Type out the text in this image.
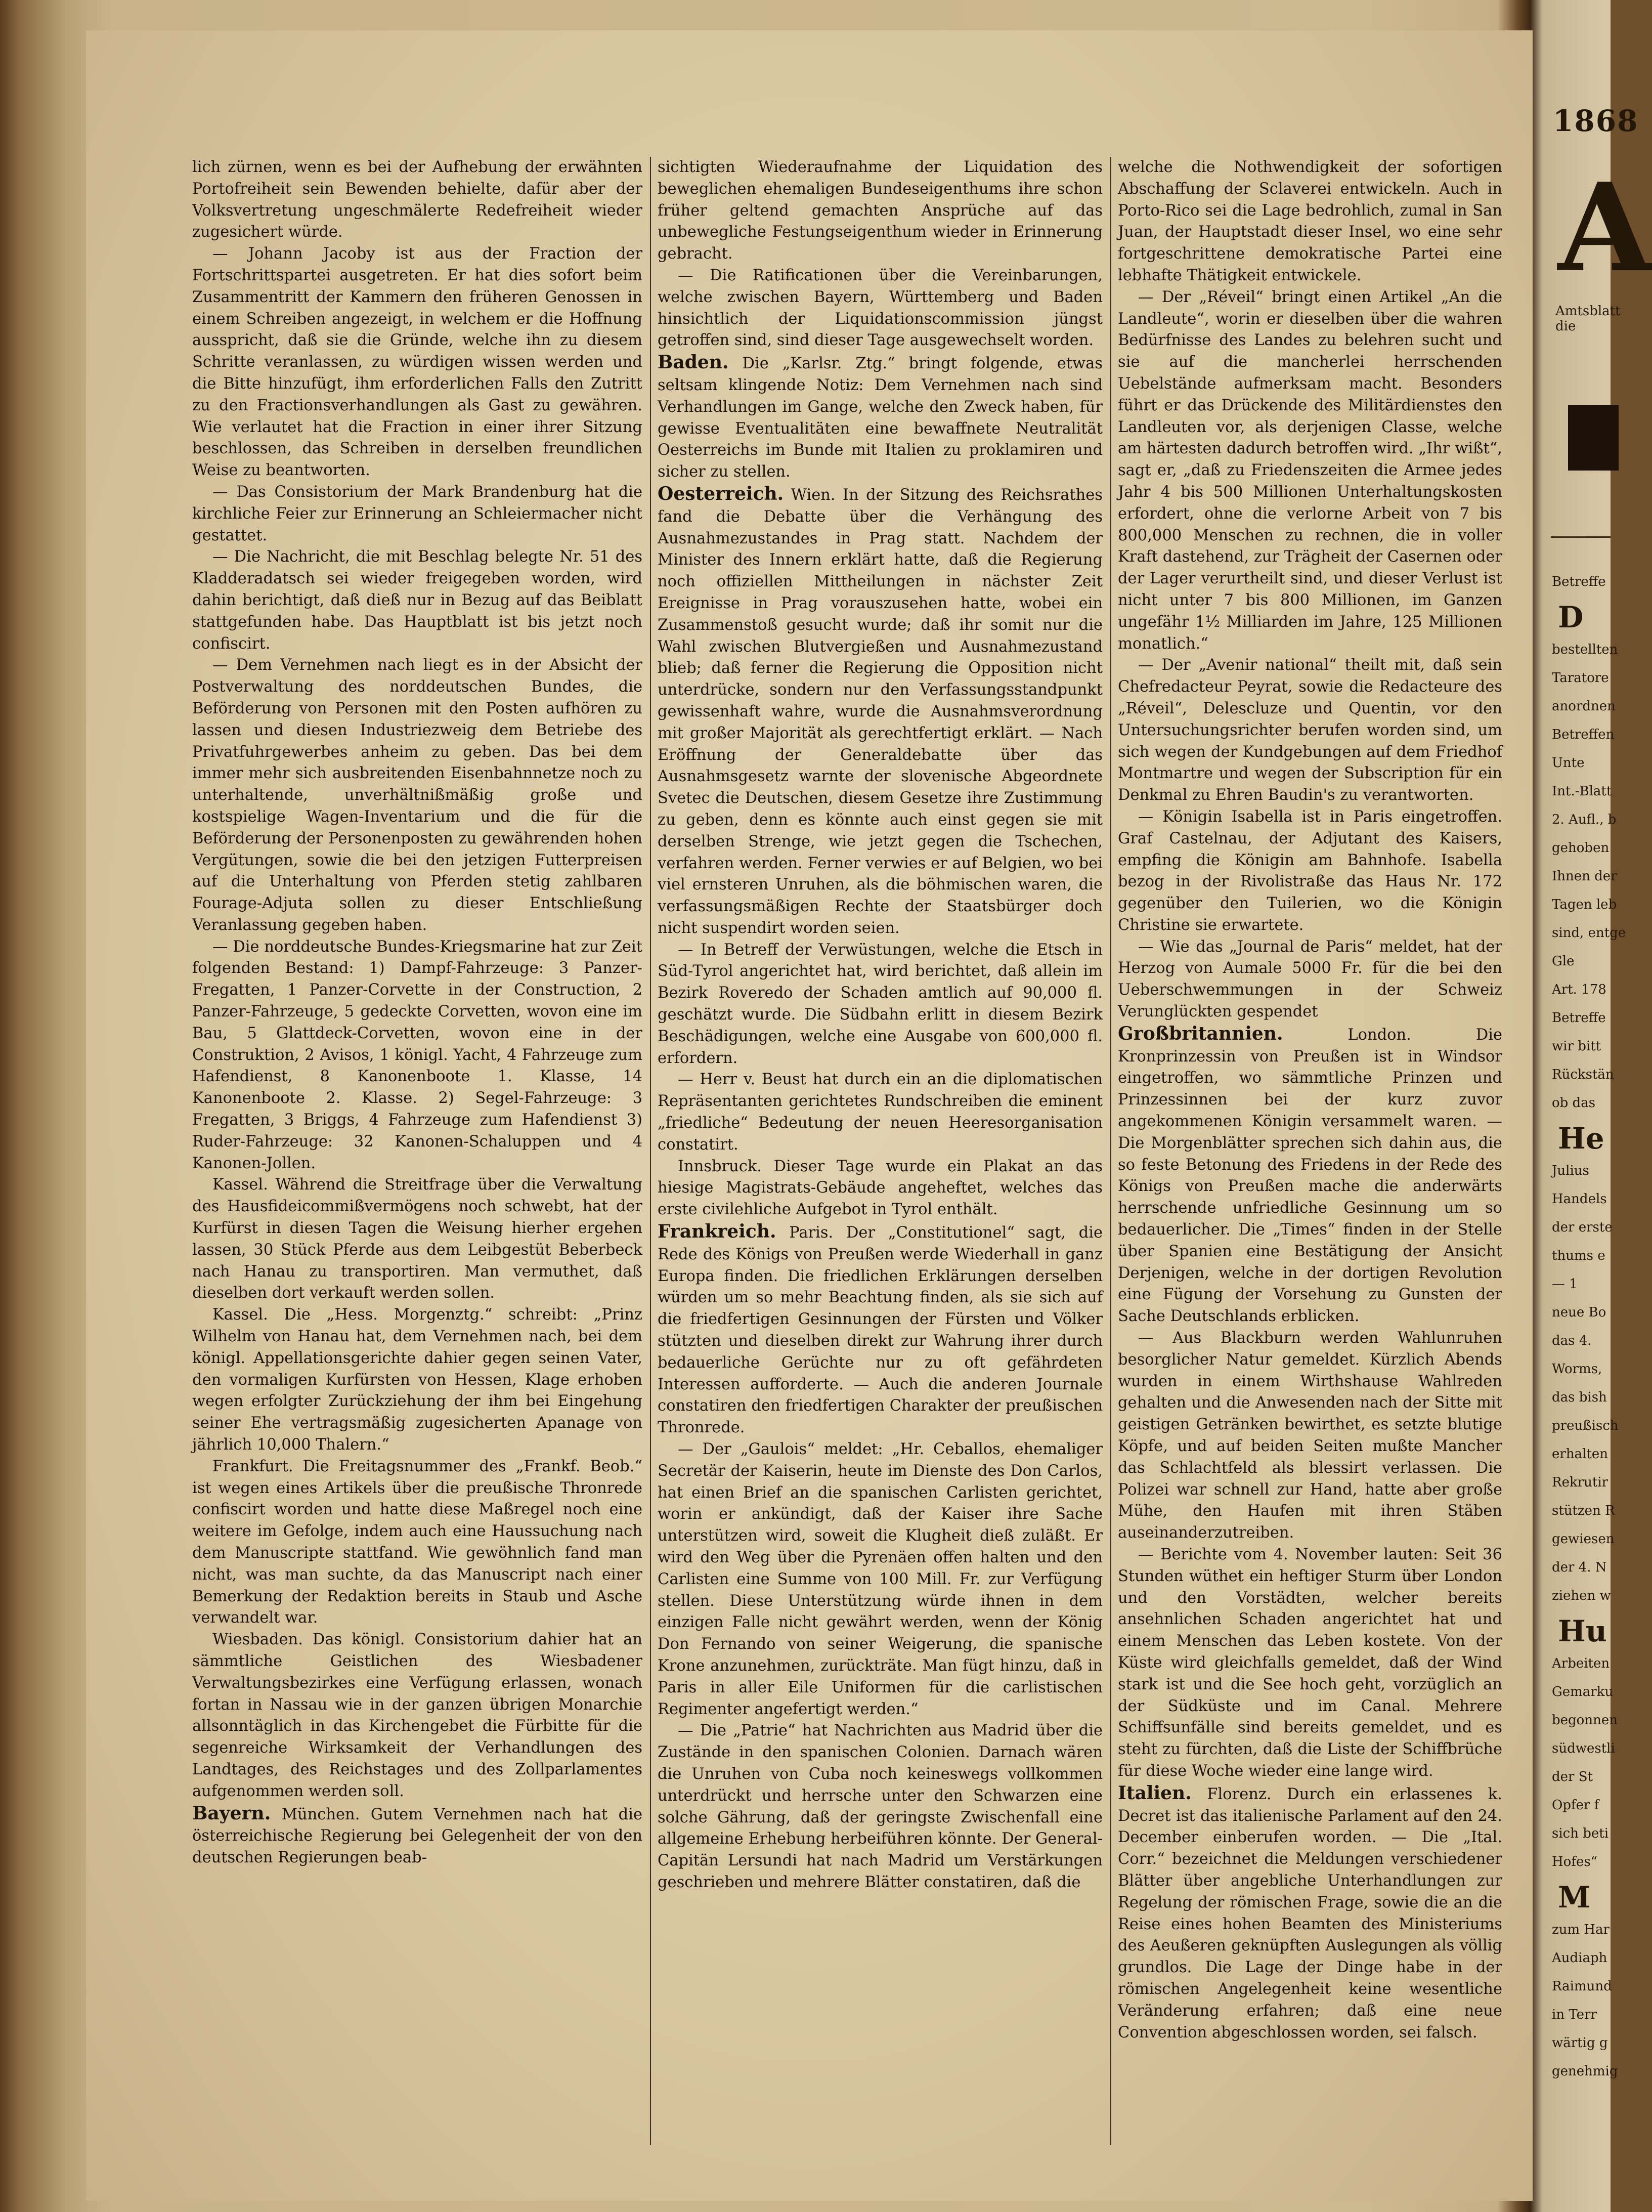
lich zürnen, wenn es bei der Aufhebung der erwähnten Portofreiheit sein Bewenden behielte, dafür aber der Volksvertretung ungeschmälerte Redefreiheit wieder zugesichert würde.

— Johann Jacoby ist aus der Fraction der Fortschrittspartei ausgetreten. Er hat dies sofort beim Zusammentritt der Kammern den früheren Genossen in einem Schreiben angezeigt, in welchem er die Hoffnung ausspricht, daß sie die Gründe, welche ihn zu diesem Schritte veranlassen, zu würdigen wissen werden und die Bitte hinzufügt, ihm erforderlichen Falls den Zutritt zu den Fractionsverhandlungen als Gast zu gewähren. Wie verlautet hat die Fraction in einer ihrer Sitzung beschlossen, das Schreiben in derselben freundlichen Weise zu beantworten.

— Das Consistorium der Mark Brandenburg hat die kirchliche Feier zur Erinnerung an Schleiermacher nicht gestattet.

— Die Nachricht, die mit Beschlag belegte Nr. 51 des Kladderadatsch sei wieder freigegeben worden, wird dahin berichtigt, daß dieß nur in Bezug auf das Beiblatt stattgefunden habe. Das Hauptblatt ist bis jetzt noch confiscirt.

— Dem Vernehmen nach liegt es in der Absicht der Postverwaltung des norddeutschen Bundes, die Beförderung von Personen mit den Posten aufhören zu lassen und diesen Industriezweig dem Betriebe des Privatfuhrgewerbes anheim zu geben. Das bei dem immer mehr sich ausbreitenden Eisenbahnnetze noch zu unterhaltende, unverhältnißmäßig große und kostspielige Wagen-Inventarium und die für die Beförderung der Personenposten zu gewährenden hohen Vergütungen, sowie die bei den jetzigen Futterpreisen auf die Unterhaltung von Pferden stetig zahlbaren Fourage-Adjuta sollen zu dieser Entschließung Veranlassung gegeben haben.

— Die norddeutsche Bundes-Kriegsmarine hat zur Zeit folgenden Bestand: 1) Dampf-Fahrzeuge: 3 Panzer-Fregatten, 1 Panzer-Corvette in der Construction, 2 Panzer-Fahrzeuge, 5 gedeckte Corvetten, wovon eine im Bau, 5 Glattdeck-Corvetten, wovon eine in der Construktion, 2 Avisos, 1 königl. Yacht, 4 Fahrzeuge zum Hafendienst, 8 Kanonenboote 1. Klasse, 14 Kanonenboote 2. Klasse. 2) Segel-Fahrzeuge: 3 Fregatten, 3 Briggs, 4 Fahrzeuge zum Hafendienst 3) Ruder-Fahrzeuge: 32 Kanonen-Schaluppen und 4 Kanonen-Jollen.

Kassel. Während die Streitfrage über die Verwaltung des Hausfideicommißvermögens noch schwebt, hat der Kurfürst in diesen Tagen die Weisung hierher ergehen lassen, 30 Stück Pferde aus dem Leibgestüt Beberbeck nach Hanau zu transportiren. Man vermuthet, daß dieselben dort verkauft werden sollen.

Kassel. Die „Hess. Morgenztg.“ schreibt: „Prinz Wilhelm von Hanau hat, dem Vernehmen nach, bei dem königl. Appellationsgerichte dahier gegen seinen Vater, den vormaligen Kurfürsten von Hessen, Klage erhoben wegen erfolgter Zurückziehung der ihm bei Eingehung seiner Ehe vertragsmäßig zugesicherten Apanage von jährlich 10,000 Thalern.“

Frankfurt. Die Freitagsnummer des „Frankf. Beob.“ ist wegen eines Artikels über die preußische Thronrede confiscirt worden und hatte diese Maßregel noch eine weitere im Gefolge, indem auch eine Haussuchung nach dem Manuscripte stattfand. Wie gewöhnlich fand man nicht, was man suchte, da das Manuscript nach einer Bemerkung der Redaktion bereits in Staub und Asche verwandelt war.

Wiesbaden. Das königl. Consistorium dahier hat an sämmtliche Geistlichen des Wiesbadener Verwaltungsbezirkes eine Verfügung erlassen, wonach fortan in Nassau wie in der ganzen übrigen Monarchie allsonntäglich in das Kirchengebet die Fürbitte für die segenreiche Wirksamkeit der Verhandlungen des Landtages, des Reichstages und des Zollparlamentes aufgenommen werden soll.

Bayern. München. Gutem Vernehmen nach hat die österreichische Regierung bei Gelegenheit der von den deutschen Regierungen beab-

sichtigten Wiederaufnahme der Liquidation des beweglichen ehemaligen Bundeseigenthums ihre schon früher geltend gemachten Ansprüche auf das unbewegliche Festungseigenthum wieder in Erinnerung gebracht.

— Die Ratificationen über die Vereinbarungen, welche zwischen Bayern, Württemberg und Baden hinsichtlich der Liquidationscommission jüngst getroffen sind, sind dieser Tage ausgewechselt worden.

Baden. Die „Karlsr. Ztg.“ bringt folgende, etwas seltsam klingende Notiz: Dem Vernehmen nach sind Verhandlungen im Gange, welche den Zweck haben, für gewisse Eventualitäten eine bewaffnete Neutralität Oesterreichs im Bunde mit Italien zu proklamiren und sicher zu stellen.

Oesterreich. Wien. In der Sitzung des Reichsrathes fand die Debatte über die Verhängung des Ausnahmezustandes in Prag statt. Nachdem der Minister des Innern erklärt hatte, daß die Regierung noch offiziellen Mittheilungen in nächster Zeit Ereignisse in Prag vorauszusehen hatte, wobei ein Zusammenstoß gesucht wurde; daß ihr somit nur die Wahl zwischen Blutvergießen und Ausnahmezustand blieb; daß ferner die Regierung die Opposition nicht unterdrücke, sondern nur den Verfassungsstandpunkt gewissenhaft wahre, wurde die Ausnahmsverordnung mit großer Majorität als gerechtfertigt erklärt. — Nach Eröffnung der Generaldebatte über das Ausnahmsgesetz warnte der slovenische Abgeordnete Svetec die Deutschen, diesem Gesetze ihre Zustimmung zu geben, denn es könnte auch einst gegen sie mit derselben Strenge, wie jetzt gegen die Tschechen, verfahren werden. Ferner verwies er auf Belgien, wo bei viel ernsteren Unruhen, als die böhmischen waren, die verfassungsmäßigen Rechte der Staatsbürger doch nicht suspendirt worden seien.

— In Betreff der Verwüstungen, welche die Etsch in Süd-Tyrol angerichtet hat, wird berichtet, daß allein im Bezirk Roveredo der Schaden amtlich auf 90,000 fl. geschätzt wurde. Die Südbahn erlitt in diesem Bezirk Beschädigungen, welche eine Ausgabe von 600,000 fl. erfordern.

— Herr v. Beust hat durch ein an die diplomatischen Repräsentanten gerichtetes Rundschreiben die eminent „friedliche“ Bedeutung der neuen Heeresorganisation constatirt.

Innsbruck. Dieser Tage wurde ein Plakat an das hiesige Magistrats-Gebäude angeheftet, welches das erste civilehliche Aufgebot in Tyrol enthält.

Frankreich. Paris. Der „Constitutionel“ sagt, die Rede des Königs von Preußen werde Wiederhall in ganz Europa finden. Die friedlichen Erklärungen derselben würden um so mehr Beachtung finden, als sie sich auf die friedfertigen Gesinnungen der Fürsten und Völker stützten und dieselben direkt zur Wahrung ihrer durch bedauerliche Gerüchte nur zu oft gefährdeten Interessen aufforderte. — Auch die anderen Journale constatiren den friedfertigen Charakter der preußischen Thronrede.

— Der „Gaulois“ meldet: „Hr. Ceballos, ehemaliger Secretär der Kaiserin, heute im Dienste des Don Carlos, hat einen Brief an die spanischen Carlisten gerichtet, worin er ankündigt, daß der Kaiser ihre Sache unterstützen wird, soweit die Klugheit dieß zuläßt. Er wird den Weg über die Pyrenäen offen halten und den Carlisten eine Summe von 100 Mill. Fr. zur Verfügung stellen. Diese Unterstützung würde ihnen in dem einzigen Falle nicht gewährt werden, wenn der König Don Fernando von seiner Weigerung, die spanische Krone anzunehmen, zurückträte. Man fügt hinzu, daß in Paris in aller Eile Uniformen für die carlistischen Regimenter angefertigt werden.“

— Die „Patrie“ hat Nachrichten aus Madrid über die Zustände in den spanischen Colonien. Darnach wären die Unruhen von Cuba noch keineswegs vollkommen unterdrückt und herrsche unter den Schwarzen eine solche Gährung, daß der geringste Zwischenfall eine allgemeine Erhebung herbeiführen könnte. Der General-Capitän Lersundi hat nach Madrid um Verstärkungen geschrieben und mehrere Blätter constatiren, daß die

welche die Nothwendigkeit der sofortigen Abschaffung der Sclaverei entwickeln. Auch in Porto-Rico sei die Lage bedrohlich, zumal in San Juan, der Hauptstadt dieser Insel, wo eine sehr fortgeschrittene demokratische Partei eine lebhafte Thätigkeit entwickele.

— Der „Réveil“ bringt einen Artikel „An die Landleute“, worin er dieselben über die wahren Bedürfnisse des Landes zu belehren sucht und sie auf die mancherlei herrschenden Uebelstände aufmerksam macht. Besonders führt er das Drückende des Militärdienstes den Landleuten vor, als derjenigen Classe, welche am härtesten dadurch betroffen wird. „Ihr wißt“, sagt er, „daß zu Friedenszeiten die Armee jedes Jahr 4 bis 500 Millionen Unterhaltungskosten erfordert, ohne die verlorne Arbeit von 7 bis 800,000 Menschen zu rechnen, die in voller Kraft dastehend, zur Trägheit der Casernen oder der Lager verurtheilt sind, und dieser Verlust ist nicht unter 7 bis 800 Millionen, im Ganzen ungefähr 1½ Milliarden im Jahre, 125 Millionen monatlich.“

— Der „Avenir national“ theilt mit, daß sein Chefredacteur Peyrat, sowie die Redacteure des „Réveil“, Delescluze und Quentin, vor den Untersuchungsrichter berufen worden sind, um sich wegen der Kundgebungen auf dem Friedhof Montmartre und wegen der Subscription für ein Denkmal zu Ehren Baudin's zu verantworten.

— Königin Isabella ist in Paris eingetroffen. Graf Castelnau, der Adjutant des Kaisers, empfing die Königin am Bahnhofe. Isabella bezog in der Rivolistraße das Haus Nr. 172 gegenüber den Tuilerien, wo die Königin Christine sie erwartete.

— Wie das „Journal de Paris“ meldet, hat der Herzog von Aumale 5000 Fr. für die bei den Ueberschwemmungen in der Schweiz Verunglückten gespendet

Großbritannien. London. Die Kronprinzessin von Preußen ist in Windsor eingetroffen, wo sämmtliche Prinzen und Prinzessinnen bei der kurz zuvor angekommenen Königin versammelt waren. — Die Morgenblätter sprechen sich dahin aus, die so feste Betonung des Friedens in der Rede des Königs von Preußen mache die anderwärts herrschende unfriedliche Gesinnung um so bedauerlicher. Die „Times“ finden in der Stelle über Spanien eine Bestätigung der Ansicht Derjenigen, welche in der dortigen Revolution eine Fügung der Vorsehung zu Gunsten der Sache Deutschlands erblicken.

— Aus Blackburn werden Wahlunruhen besorglicher Natur gemeldet. Kürzlich Abends wurden in einem Wirthshause Wahlreden gehalten und die Anwesenden nach der Sitte mit geistigen Getränken bewirthet, es setzte blutige Köpfe, und auf beiden Seiten mußte Mancher das Schlachtfeld als blessirt verlassen. Die Polizei war schnell zur Hand, hatte aber große Mühe, den Haufen mit ihren Stäben auseinanderzutreiben.

— Berichte vom 4. November lauten: Seit 36 Stunden wüthet ein heftiger Sturm über London und den Vorstädten, welcher bereits ansehnlichen Schaden angerichtet hat und einem Menschen das Leben kostete. Von der Küste wird gleichfalls gemeldet, daß der Wind stark ist und die See hoch geht, vorzüglich an der Südküste und im Canal. Mehrere Schiffsunfälle sind bereits gemeldet, und es steht zu fürchten, daß die Liste der Schiffbrüche für diese Woche wieder eine lange wird.

Italien. Florenz. Durch ein erlassenes k. Decret ist das italienische Parlament auf den 24. December einberufen worden. — Die „Ital. Corr.“ bezeichnet die Meldungen verschiedener Blätter über angebliche Unterhandlungen zur Regelung der römischen Frage, sowie die an die Reise eines hohen Beamten des Ministeriums des Aeußeren geknüpften Auslegungen als völlig grundlos. Die Lage der Dinge habe in der römischen Angelegenheit keine wesentliche Veränderung erfahren; daß eine neue Convention abgeschlossen worden, sei falsch.

1868
A
Amtsblatt die
Betreffe
D
bestellten
Taratore
anordnen
Betreffen
Unte
Int.-Blatt
2. Aufl., b
gehoben
Ihnen der
Tagen leb
sind, entge
Gle
Art. 178
Betreffe
wir bitt
Rückstän
ob das
He
Julius
Handels
der erste
thums e
— 1
neue Bo
das 4.
Worms,
das bish
preußisch
erhalten
Rekrutir
stützen R
gewiesen
der 4. N
ziehen w
Hu
Arbeiten
Gemarku
begonnen
südwestli
der St
Opfer f
sich beti
Hofes“
M
zum Har
Audiaph
Raimund
in Terr
wärtig g
genehmig
